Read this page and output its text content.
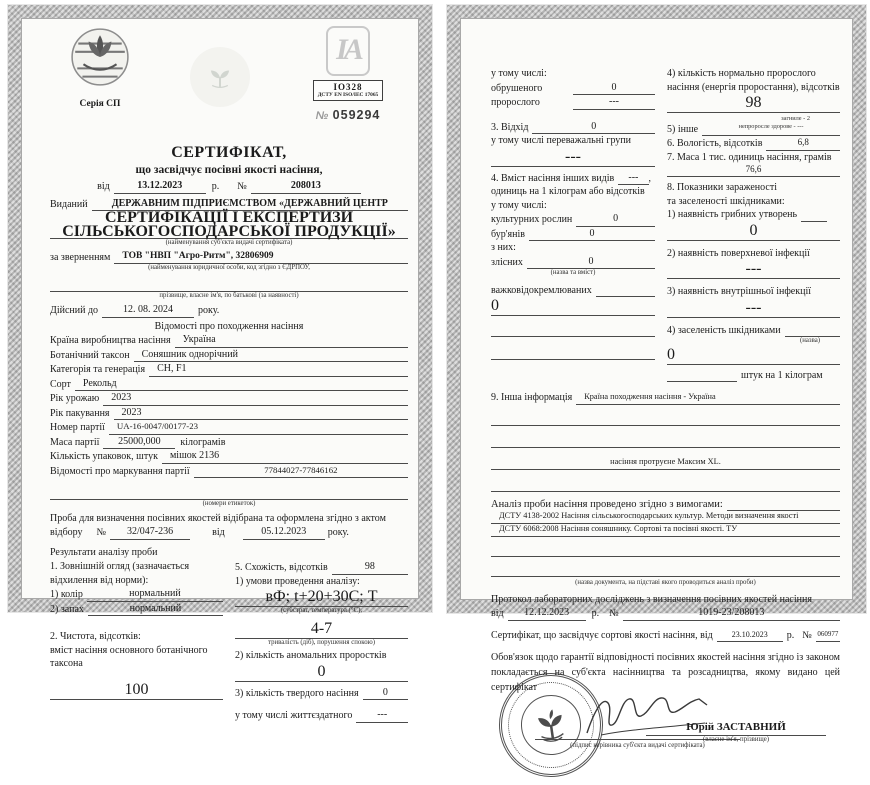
Серія СП
ІА
ІО328
ДСТУ EN ISO/IEC 17065
№ 059294
СЕРТИФІКАТ,
що засвідчує посівні якості насіння,
від	13.12.2023	р.	№	208013
Виданий	ДЕРЖАВНИМ ПІДПРИЄМСТВОМ «ДЕРЖАВНИЙ ЦЕНТР
СЕРТИФІКАЦІЇ І ЕКСПЕРТИЗИ СІЛЬСЬКОГОСПОДАРСЬКОЇ ПРОДУКЦІЇ»
(найменування суб'єкта видачі сертифіката)
за зверненням	ТОВ "НВП "Агро-Ритм", 32806909
(найменування юридичної особи, код згідно з ЄДРПОУ,
прізвище, власне ім'я, по батькові (за наявності)
Дійсний до	12. 08. 2024	року.
Відомості про походження насіння
Країна виробництва насіння	Україна
Ботанічний таксон	Соняшник однорічний
Категорія та генерація	СН, F1
Сорт	Рекольд
Рік урожаю	2023
Рік пакування	2023
Номер партії	UA-16-0047/00177-23
Маса партії	25000,000	кілограмів
Кількість упаковок, штук	мішок 2136
Відомості про маркування партії	77844027-77846162
(номери етикеток)
Проба для визначення посівних якостей відібрана та оформлена згідно з актом
відбору	№	32/047-236	від	05.12.2023	року.
Результати аналізу проби
1. Зовнішній огляд (зазначається
відхилення від норми):
1) колір	нормальний
2) запах	нормальний
2. Чистота, відсотків:
вміст насіння основного ботанічного
таксона
100
5. Схожість, відсотків	98
1) умови проведення аналізу:
вФ; t+20+30С; Т
(субстрат, температура (°С),
4-7
тривалість (діб), порушення спокою)
2) кількість аномальних проростків
0
3) кількість твердого насіння	0
у тому числі життєздатного	---
у тому числі:
обрушеного	0
пророслого	---
3. Відхід	0
у тому числі переважальні групи
---
4. Вміст насіння інших видів	---	,
одиниць на 1 кілограм або відсотків
у тому числі:
культурних рослин	0
бур'янів	0
з них:
злісних	0
(назва та вміст)
важковідокремлюваних
0
4) кількість нормально пророслого
насіння (енергія проростання), відсотків
98
загниле - 2
5) інше	непроросле здорове - ---
6. Вологість, відсотків	6,8
7. Маса 1 тис. одиниць насіння, грамів
76,6
8. Показники зараженості
та заселеності шкідниками:
1) наявність грибних утворень
0
2) наявність поверхневої інфекції
---
3) наявність внутрішньої інфекції
---
4) заселеність шкідниками
(назва)
0
штук на 1 кілограм
9. Інша інформація	Країна походження насіння - Україна
насіння протруєне Максим XL.
Аналіз проби насіння проведено згідно з вимогами:
ДСТУ 4138-2002 Насіння сільськогосподарських культур. Методи визначення якості
ДСТУ 6068:2008 Насіння соняшнику. Сортові та посівні якості. ТУ
(назва документа, на підставі якого проводиться аналіз проби)
Протокол лабораторних досліджень з визначення посівних якостей насіння
від	12.12.2023	р.	№	1019-23/208013
Сертифікат, що засвідчує сортові якості насіння, від	23.10.2023	р. № 060977
Обов'язок щодо гарантії відповідності посівних якостей насіння згідно із законом покладається на суб'єкта насінництва та розсадництва, якому видано цей сертифікат
(підпис керівника суб'єкта видачі сертифіката)
Юрій ЗАСТАВНИЙ
(власне ім'я, прізвище)
